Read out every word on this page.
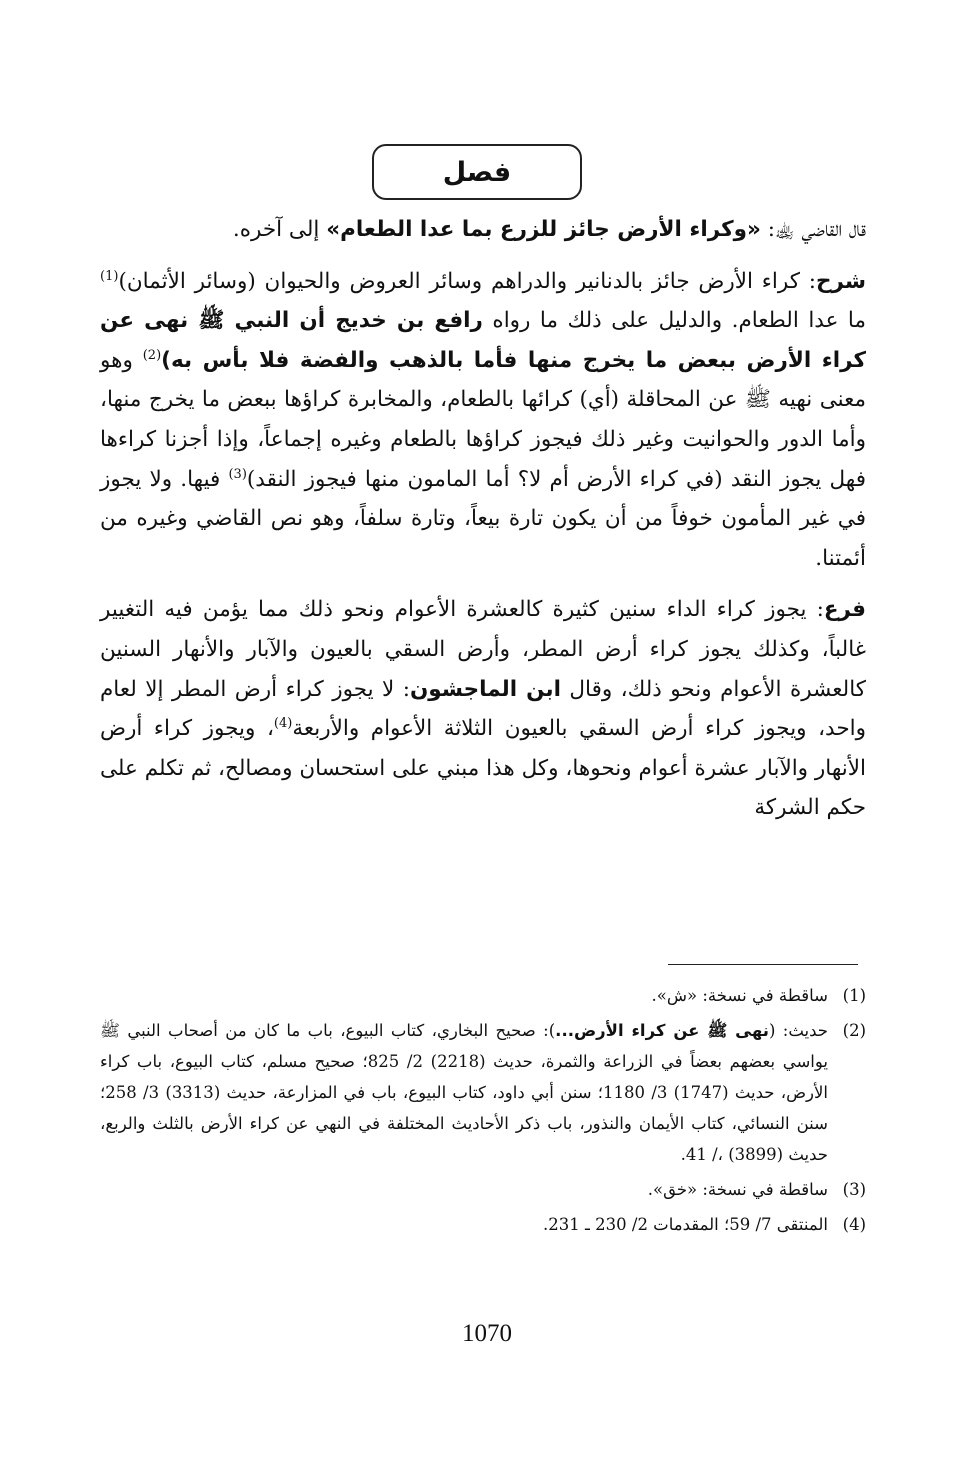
فصل

قال القاضي ﵀: «وكراء الأرض جائز للزرع بما عدا الطعام» إلى آخره.

شرح: كراء الأرض جائز بالدنانير والدراهم وسائر العروض والحيوان (وسائر الأثمان)$^{(1)}$ ما عدا الطعام. والدليل على ذلك ما رواه رافع بن خديج أن النبي ﷺ نهى عن كراء الأرض ببعض ما يخرج منها فأما بالذهب والفضة فلا بأس به)$^{(2)}$ وهو معنى نهيه ﷺ عن المحاقلة (أي) كرائها بالطعام، والمخابرة كراؤها ببعض ما يخرج منها، وأما الدور والحوانيت وغير ذلك فيجوز كراؤها بالطعام وغيره إجماعاً، وإذا أجزنا كراءها فهل يجوز النقد (في كراء الأرض أم لا؟ أما المامون منها فيجوز النقد)$^{(3)}$ فيها. ولا يجوز في غير المأمون خوفاً من أن يكون تارة بيعاً، وتارة سلفاً، وهو نص القاضي وغيره من أئمتنا.

فرع: يجوز كراء الداء سنين كثيرة كالعشرة الأعوام ونحو ذلك مما يؤمن فيه التغيير غالباً، وكذلك يجوز كراء أرض المطر، وأرض السقي بالعيون والآبار والأنهار السنين كالعشرة الأعوام ونحو ذلك، وقال ابن الماجشون: لا يجوز كراء أرض المطر إلا لعام واحد، ويجوز كراء أرض السقي بالعيون الثلاثة الأعوام والأربعة$^{(4)}$، ويجوز كراء أرض الأنهار والآبار عشرة أعوام ونحوها، وكل هذا مبني على استحسان ومصالح، ثم تكلم على حكم الشركة

(1)
ساقطة في نسخة: «ش».
(2)
حديث: (نهى ﷺ عن كراء الأرض...): صحيح البخاري، كتاب البيوع، باب ما كان من أصحاب النبي ﷺ يواسي بعضهم بعضاً في الزراعة والثمرة، حديث (2218) 2/ 825؛ صحيح مسلم، كتاب البيوع، باب كراء الأرض، حديث (1747) 3/ 1180؛ سنن أبي داود، كتاب البيوع، باب في المزارعة، حديث (3313) 3/ 258؛ سنن النسائي، كتاب الأيمان والنذور، باب ذكر الأحاديث المختلفة في النهي عن كراء الأرض بالثلث والربع، حديث (3899) ،/ 41.
(3)
ساقطة في نسخة: «خق».
(4)
المنتقى 7/ 59؛ المقدمات 2/ 230 ـ 231.
1070
